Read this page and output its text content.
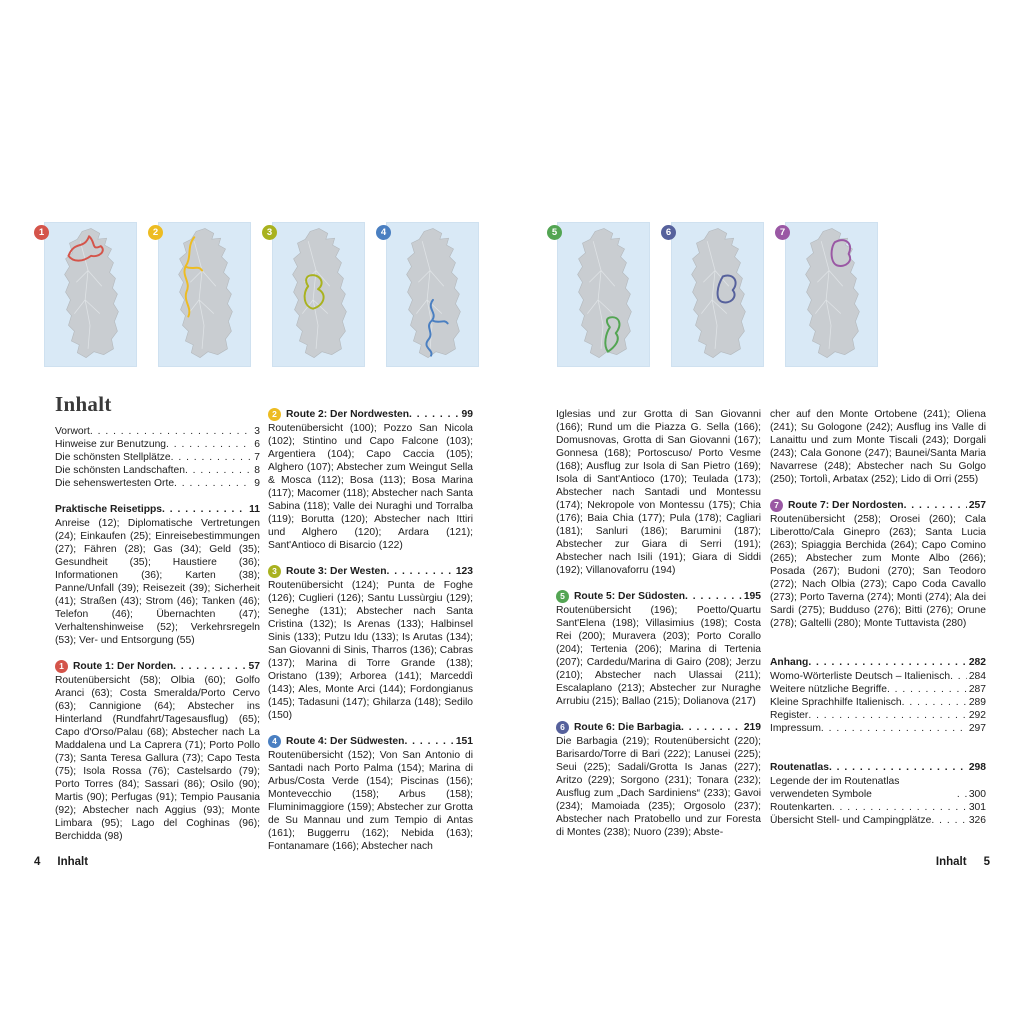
1	2	3	4	5	6	7
Inhalt
Vorwort . . .	3
Hinweise zur Benutzung . . .	6
Die schönsten Stellplätze . . .	7
Die schönsten Landschaften . . .	8
Die sehenswertesten Orte . . .	9
Praktische Reisetipps . . .	11
Anreise (12); Diplomatische Vertretungen (24); Einkaufen (25); Einreisebestimmungen (27); Fähren (28); Gas (34); Geld (35); Gesundheit (35); Haustiere (36); Informationen (36); Karten (38); Panne/Unfall (39); Reisezeit (39); Sicherheit (41); Straßen (43); Strom (46); Tanken (46); Telefon (46); Übernachten (47); Verhaltenshinweise (52); Verkehrsregeln (53); Ver- und Entsorgung (55)
1 Route 1: Der Norden . . .	57
Routenübersicht (58); Olbia (60); Golfo Aranci (63); Costa Smeralda/Porto Cervo (63); Cannigione (64); Abstecher ins Hinterland (Rundfahrt/Tagesausflug) (65); Capo d'Orso/Palau (68); Abstecher nach La Maddalena und La Caprera (71); Porto Pollo (73); Santa Teresa Gallura (73); Capo Testa (75); Isola Rossa (76); Castelsardo (79); Porto Torres (84); Sassari (86); Osilo (90); Martis (90); Perfugas (91); Tempio Pausania (92); Abstecher nach Aggius (93); Monte Limbara (95); Lago del Coghinas (96); Berchidda (98)
2 Route 2: Der Nordwesten . . .	99
Routenübersicht (100); Pozzo San Nicola (102); Stintino und Capo Falcone (103); Argentiera (104); Capo Caccia (105); Alghero (107); Abstecher zum Weingut Sella & Mosca (112); Bosa (113); Bosa Marina (117); Macomer (118); Abstecher nach Santa Sabina (118); Valle dei Nuraghi und Torralba (119); Borutta (120); Abstecher nach Ittiri und Alghero (120); Ardara (121); Sant'Antioco di Bisarcio (122)
3 Route 3: Der Westen . . .	123
Routenübersicht (124); Punta de Foghe (126); Cuglieri (126); Santu Lussùrgiu (129); Seneghe (131); Abstecher nach Santa Cristina (132); Is Arenas (133); Halbinsel Sinis (133); Putzu Idu (133); Is Arutas (134); San Giovanni di Sinis, Tharros (136); Cabras (137); Marina di Torre Grande (138); Oristano (139); Arborea (141); Marceddì (143); Ales, Monte Arci (144); Fordongianus (145); Tadasuni (147); Ghilarza (148); Sedilo (150)
4 Route 4: Der Südwesten . . .	151
Routenübersicht (152); Von San Antonio di Santadi nach Porto Palma (154); Marina di Arbus/Costa Verde (154); Piscinas (156); Montevecchio (158); Arbus (158); Fluminimaggiore (159); Abstecher zur Grotta de Su Mannau und zum Tempio di Antas (161); Buggerru (162); Nebida (163); Fontanamare (166); Abstecher nach
Iglesias und zur Grotta di San Giovanni (166); Rund um die Piazza G. Sella (166); Domusnovas, Grotta di San Giovanni (167); Gonnesa (168); Portoscuso/ Porto Vesme (168); Ausflug zur Isola di San Pietro (169); Isola di Sant'Antioco (170); Teulada (173); Abstecher nach Santadi und Montessu (174); Nekropole von Montessu (175); Chia (176); Baia Chia (177); Pula (178); Cagliari (181); Sanluri (186); Barumini (187); Abstecher zur Giara di Serri (191); Abstecher nach Isili (191); Giara di Siddi (192); Villanovaforru (194)
5 Route 5: Der Südosten . . .	195
Routenübersicht (196); Poetto/Quartu Sant'Elena (198); Villasimius (198); Costa Rei (200); Muravera (203); Porto Corallo (204); Tertenia (206); Marina di Tertenia (207); Cardedu/Marina di Gairo (208); Jerzu (210); Abstecher nach Ulassai (211); Escalaplano (213); Abstecher zur Nuraghe Arrubiu (215); Ballao (215); Dolianova (217)
6 Route 6: Die Barbagia . . .	219
Die Barbagia (219); Routenübersicht (220); Barisardo/Torre di Bari (222); Lanusei (225); Seui (225); Sadali/Grotta Is Janas (227); Aritzo (229); Sorgono (231); Tonara (232); Ausflug zum „Dach Sardiniens“ (233); Gavoi (234); Mamoiada (235); Orgosolo (237); Abstecher nach Pratobello und zur Foresta di Montes (238); Nuoro (239); Abste-
cher auf den Monte Ortobene (241); Oliena (241); Su Gologone (242); Ausflug ins Valle di Lanaittu und zum Monte Tiscali (243); Dorgali (243); Cala Gonone (247); Baunei/Santa Maria Navarrese (248); Abstecher nach Su Golgo (250); Tortolì, Arbatax (252); Lido di Orri (255)
7 Route 7: Der Nordosten . . .	257
Routenübersicht (258); Orosei (260); Cala Liberotto/Cala Ginepro (263); Santa Lucia (263); Spiaggia Berchida (264); Capo Comino (265); Abstecher zum Monte Albo (266); Posada (267); Budoni (270); San Teodoro (272); Nach Olbia (273); Capo Coda Cavallo (273); Porto Taverna (274); Monti (274); Ala dei Sardi (275); Budduso (276); Bitti (276); Orune (278); Galtelli (280); Monte Tuttavista (280)
Anhang . . .	282
Womo-Wörterliste Deutsch – Italienisch . . . 284
Weitere nützliche Begriffe . . .	287
Kleine Sprachhilfe Italienisch . . .	289
Register . . .	292
Impressum . . .	297
Routenatlas . . .	298
Legende der im Routenatlas verwendeten Symbole . . .	300
Routenkarten . . .	301
Übersicht Stell- und Campingplätze . . .	326
4 Inhalt	Inhalt 5
